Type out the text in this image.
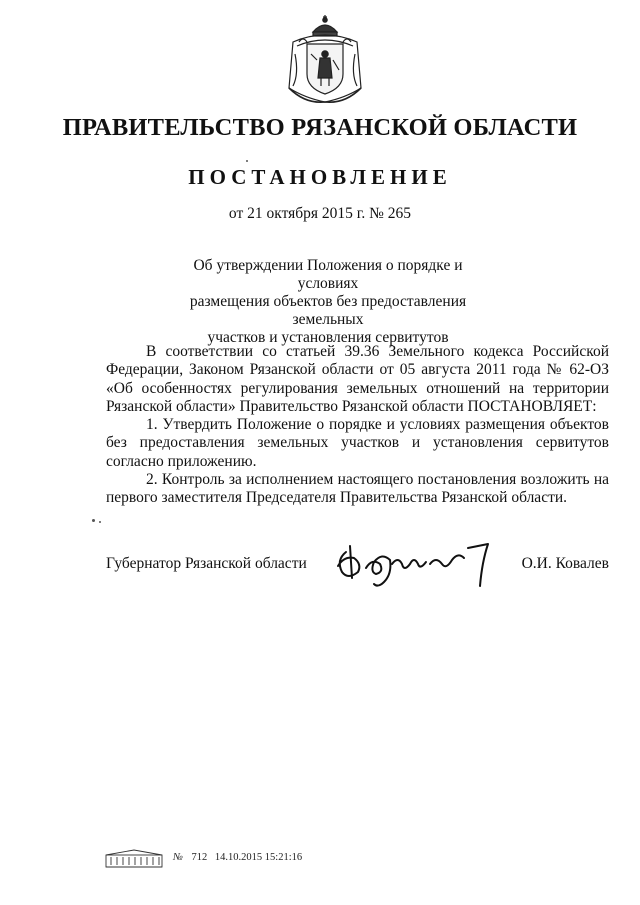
ПРАВИТЕЛЬСТВО РЯЗАНСКОЙ ОБЛАСТИ
ПОСТАНОВЛЕНИЕ
от 21 октября 2015 г. № 265
Об утверждении Положения о порядке и условиях
размещения объектов без предоставления земельных
участков и установления сервитутов

В соответствии со статьей 39.36 Земельного кодекса Российской Федерации, Законом Рязанской области от 05 августа 2011 года № 62-ОЗ «Об особенностях регулирования земельных отношений на территории Рязанской области» Правительство Рязанской области ПОСТАНОВЛЯЕТ:

1. Утвердить Положение о порядке и условиях размещения объектов без предоставления земельных участков и установления сервитутов согласно приложению.

2. Контроль за исполнением настоящего постановления возложить на первого заместителя Председателя Правительства Рязанской области.

Губернатор Рязанской области	О.И. Ковалев
№ 712 14.10.2015 15:21:16
